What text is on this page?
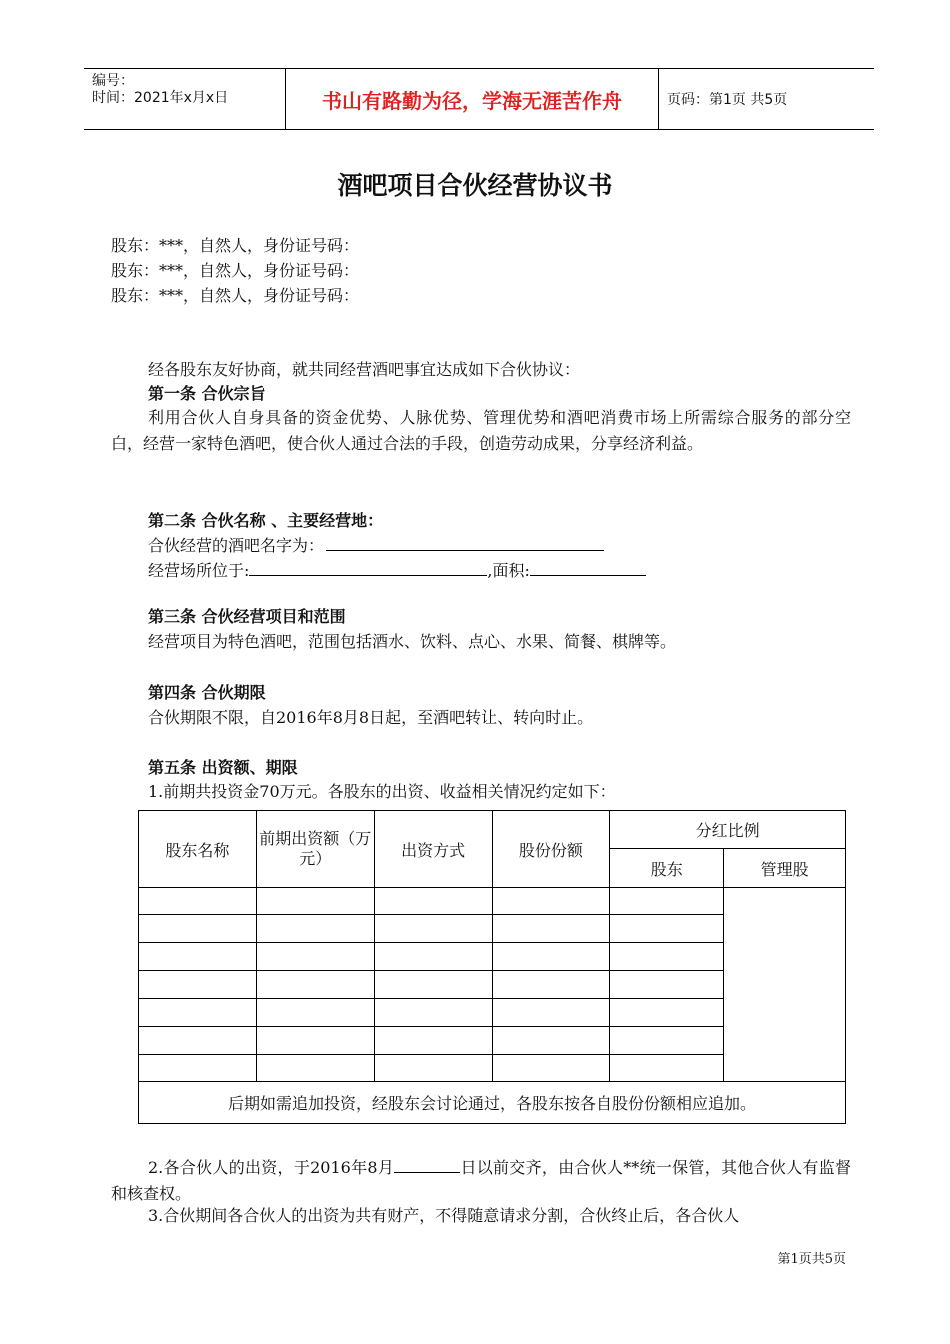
编号：
时间：2021年x月x日	书山有路勤为径，学海无涯苦作舟	页码：第1页 共5页
酒吧项目合伙经营协议书
股东：***，自然人，身份证号码：
股东：***，自然人，身份证号码：
股东：***，自然人，身份证号码：
经各股东友好协商，就共同经营酒吧事宜达成如下合伙协议：
第一条 合伙宗旨
利用合伙人自身具备的资金优势、人脉优势、管理优势和酒吧消费市场上所需综合服务的部分空白，经营一家特色酒吧，使合伙人通过合法的手段，创造劳动成果，分享经济利益。
第二条 合伙名称 、主要经营地：
合伙经营的酒吧名字为：
经营场所位于:	,面积:
第三条 合伙经营项目和范围
经营项目为特色酒吧，范围包括酒水、饮料、点心、水果、简餐、棋牌等。
第四条 合伙期限
合伙期限不限，自2016年8月8日起，至酒吧转让、转向时止。
第五条 出资额、期限
1.前期共投资金70万元。各股东的出资、收益相关情况约定如下：
股东名称	前期出资额（万元）	出资方式	股份份额	分红比例	
				股东	管理股

后期如需追加投资，经股东会讨论通过，各股东按各自股份份额相应追加。					
2.各合伙人的出资，于2016年8月	日以前交齐，由合伙人**统一保管，其他合伙人有监督和核查权。
3.合伙期间各合伙人的出资为共有财产，不得随意请求分割，合伙终止后，各合伙人
第1页共5页
